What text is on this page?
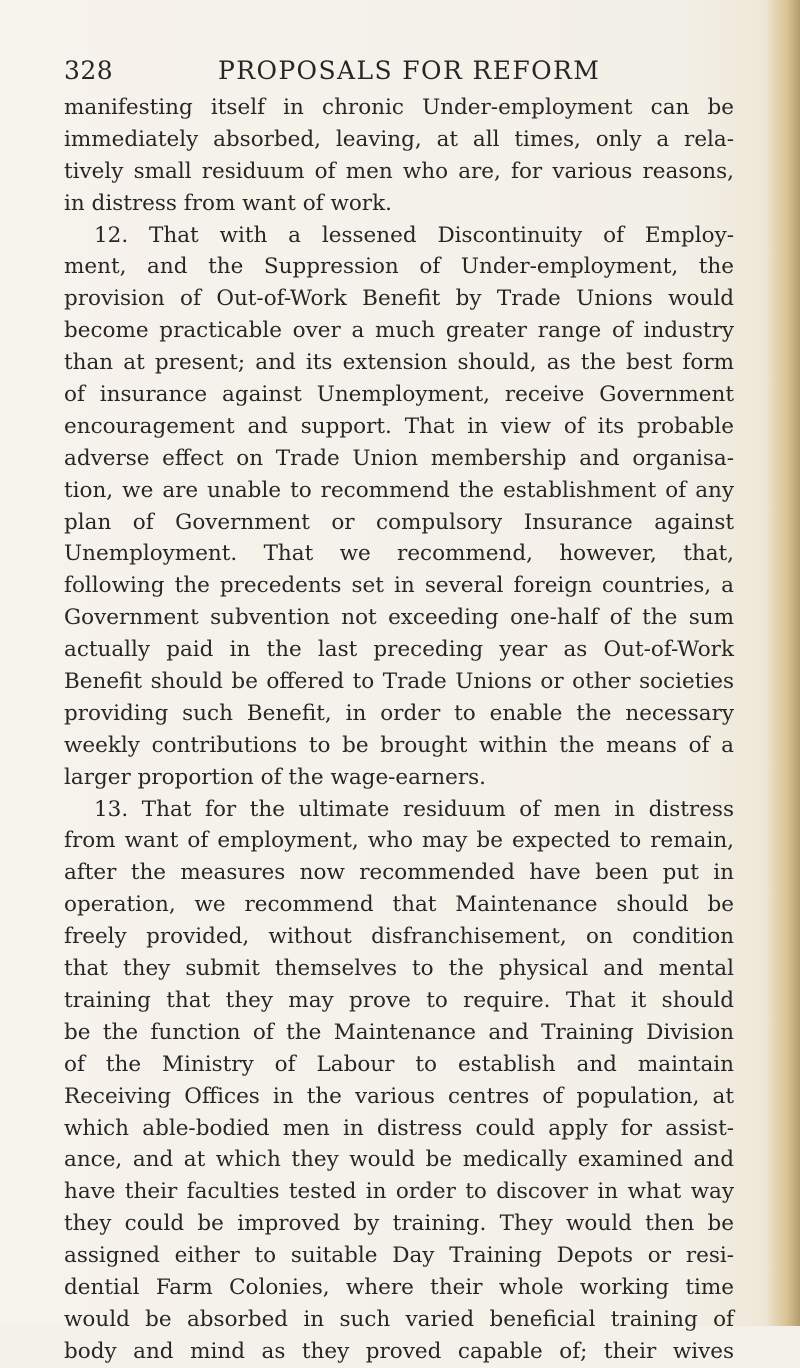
328	PROPOSALS FOR REFORM
manifesting itself in chronic Under-employment can be
immediately absorbed, leaving, at all times, only a rela-
tively small residuum of men who are, for various reasons,
in distress from want of work.
12. That with a lessened Discontinuity of Employ-
ment, and the Suppression of Under-employment, the
provision of Out-of-Work Benefit by Trade Unions would
become practicable over a much greater range of industry
than at present; and its extension should, as the best form
of insurance against Unemployment, receive Government
encouragement and support. That in view of its probable
adverse effect on Trade Union membership and organisa-
tion, we are unable to recommend the establishment of any
plan of Government or compulsory Insurance against
Unemployment. That we recommend, however, that,
following the precedents set in several foreign countries, a
Government subvention not exceeding one-half of the sum
actually paid in the last preceding year as Out-of-Work
Benefit should be offered to Trade Unions or other societies
providing such Benefit, in order to enable the necessary
weekly contributions to be brought within the means of a
larger proportion of the wage-earners.
13. That for the ultimate residuum of men in distress
from want of employment, who may be expected to remain,
after the measures now recommended have been put in
operation, we recommend that Maintenance should be
freely provided, without disfranchisement, on condition
that they submit themselves to the physical and mental
training that they may prove to require. That it should
be the function of the Maintenance and Training Division
of the Ministry of Labour to establish and maintain
Receiving Offices in the various centres of population, at
which able-bodied men in distress could apply for assist-
ance, and at which they would be medically examined and
have their faculties tested in order to discover in what way
they could be improved by training. They would then be
assigned either to suitable Day Training Depots or resi-
dential Farm Colonies, where their whole working time
would be absorbed in such varied beneficial training of
body and mind as they proved capable of; their wives
